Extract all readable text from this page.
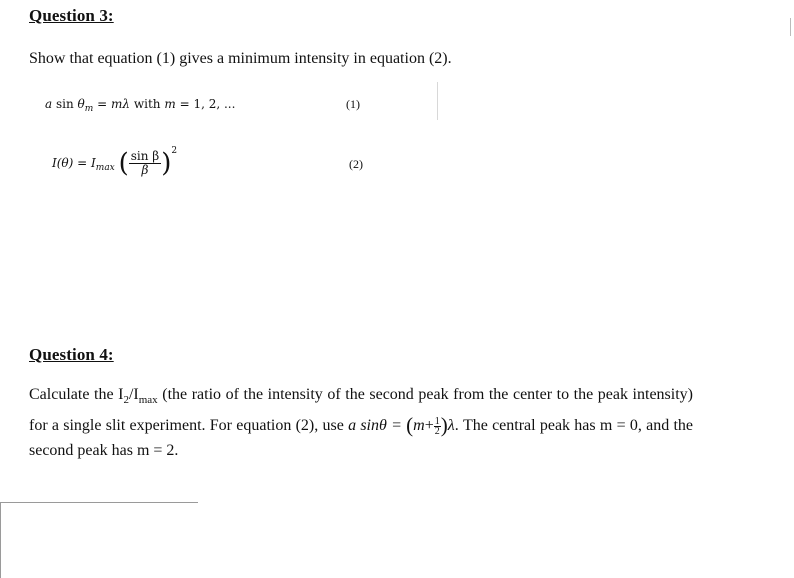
Question 3:
Show that equation (1) gives a minimum intensity in equation (2).
a $\sin \theta_m = m\lambda$ with m = 1, 2, ...	(1)
$I(\theta) = I_{max}$ ( $\frac{\text{sin β}}{\beta} )^2$
(2)
Question 4:
Calculate the $I_2/I_{max}$ (the ratio of the intensity of the second peak from the center to the peak intensity) for a single slit experiment. For equation (2), use a $\sin\theta = (m+ \frac{1}{2} )\lambda$. The central peak has m = 0, and the second peak has m = 2.
